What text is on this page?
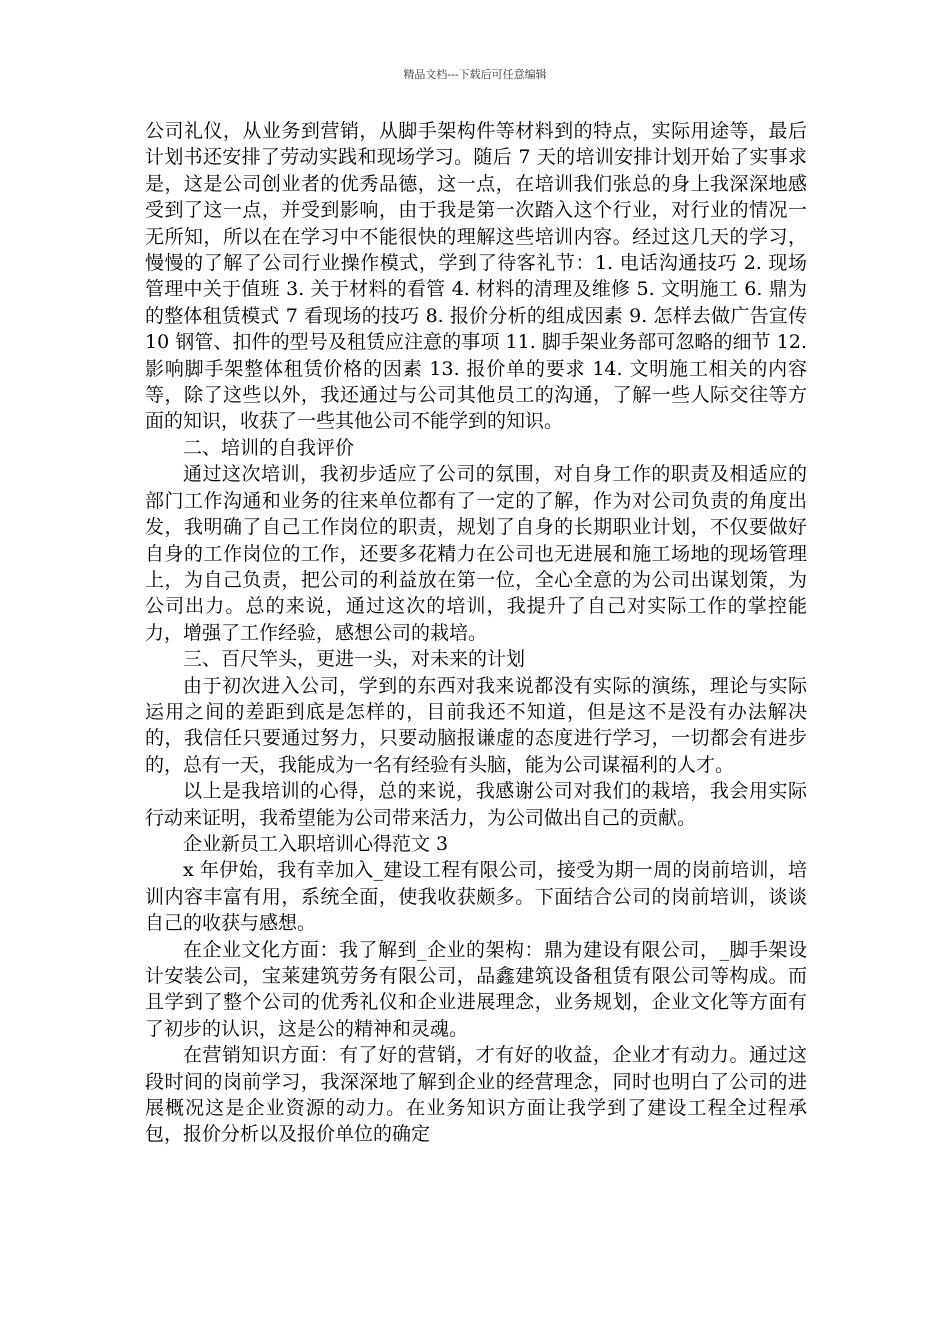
精品文档---下载后可任意编辑

公司礼仪，从业务到营销，从脚手架构件等材料到的特点，实际用途等，最后计划书还安排了劳动实践和现场学习。随后 7 天的培训安排计划开始了实事求是，这是公司创业者的优秀品德，这一点，在培训我们张总的身上我深深地感受到了这一点，并受到影响，由于我是第一次踏入这个行业，对行业的情况一无所知，所以在在学习中不能很快的理解这些培训内容。经过这几天的学习，慢慢的了解了公司行业操作模式，学到了待客礼节：1. 电话沟通技巧 2. 现场管理中关于值班 3. 关于材料的看管 4. 材料的清理及维修 5. 文明施工 6. 鼎为的整体租赁模式 7 看现场的技巧 8. 报价分析的组成因素 9. 怎样去做广告宣传 10 钢管、扣件的型号及租赁应注意的事项 11. 脚手架业务部可忽略的细节 12. 影响脚手架整体租赁价格的因素 13. 报价单的要求 14. 文明施工相关的内容等，除了这些以外，我还通过与公司其他员工的沟通，了解一些人际交往等方面的知识，收获了一些其他公司不能学到的知识。

二、培训的自我评价

通过这次培训，我初步适应了公司的氛围，对自身工作的职责及相适应的部门工作沟通和业务的往来单位都有了一定的了解，作为对公司负责的角度出发，我明确了自己工作岗位的职责，规划了自身的长期职业计划，不仅要做好自身的工作岗位的工作，还要多花精力在公司也无进展和施工场地的现场管理上，为自己负责，把公司的利益放在第一位，全心全意的为公司出谋划策，为公司出力。总的来说，通过这次的培训，我提升了自己对实际工作的掌控能力，增强了工作经验，感想公司的栽培。

三、百尺竿头，更进一头，对未来的计划

由于初次进入公司，学到的东西对我来说都没有实际的演练，理论与实际运用之间的差距到底是怎样的，目前我还不知道，但是这不是没有办法解决的，我信任只要通过努力，只要动脑报谦虚的态度进行学习，一切都会有进步的，总有一天，我能成为一名有经验有头脑，能为公司谋福利的人才。

以上是我培训的心得，总的来说，我感谢公司对我们的栽培，我会用实际行动来证明，我希望能为公司带来活力，为公司做出自己的贡献。

企业新员工入职培训心得范文 3

x 年伊始，我有幸加入_建设工程有限公司，接受为期一周的岗前培训，培训内容丰富有用，系统全面，使我收获颇多。下面结合公司的岗前培训，谈谈自己的收获与感想。

在企业文化方面：我了解到_企业的架构：鼎为建设有限公司，_脚手架设计安装公司，宝莱建筑劳务有限公司，品鑫建筑设备租赁有限公司等构成。而且学到了整个公司的优秀礼仪和企业进展理念，业务规划，企业文化等方面有了初步的认识，这是公的精神和灵魂。

在营销知识方面：有了好的营销，才有好的收益，企业才有动力。通过这段时间的岗前学习，我深深地了解到企业的经营理念，同时也明白了公司的进展概况这是企业资源的动力。在业务知识方面让我学到了建设工程全过程承包，报价分析以及报价单位的确定
